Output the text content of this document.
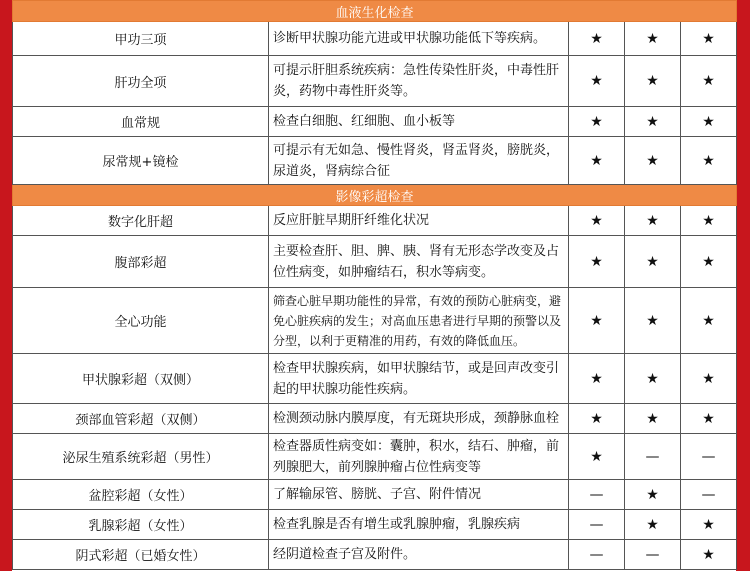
血液生化检查				
甲功三项	诊断甲状腺功能亢进或甲状腺功能低下等疾病。	★	★	★
肝功全项	可提示肝胆系统疾病：急性传染性肝炎，中毒性肝炎，药物中毒性肝炎等。	★	★	★
血常规	检查白细胞、红细胞、血小板等	★	★	★
尿常规+镜检	可提示有无如急、慢性肾炎，肾盂肾炎，膀胱炎，尿道炎，肾病综合征	★	★	★
影像彩超检查				
数字化肝超	反应肝脏早期肝纤维化状况	★	★	★
腹部彩超	主要检查肝、胆、脾、胰、肾有无形态学改变及占位性病变，如肿瘤结石，积水等病变。	★	★	★
全心功能	筛查心脏早期功能性的异常，有效的预防心脏病变，避免心脏疾病的发生；对高血压患者进行早期的预警以及分型，以利于更精准的用药，有效的降低血压。	★	★	★
甲状腺彩超（双侧）	检查甲状腺疾病，如甲状腺结节，或是回声改变引起的甲状腺功能性疾病。	★	★	★
颈部血管彩超（双侧）	检测颈动脉内膜厚度，有无斑块形成，颈静脉血栓	★	★	★
泌尿生殖系统彩超（男性）	检查器质性病变如：囊肿，积水，结石、肿瘤，前列腺肥大，前列腺肿瘤占位性病变等	★	—	—
盆腔彩超（女性）	了解输尿管、膀胱、子宫、附件情况	—	★	—
乳腺彩超（女性）	检查乳腺是否有增生或乳腺肿瘤，乳腺疾病	—	★	★
阴式彩超（已婚女性）	经阴道检查子宫及附件。	—	—	★
